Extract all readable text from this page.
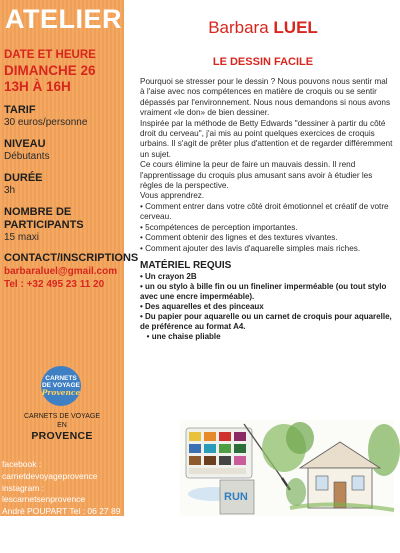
ATELIER
DATE ET HEURE
DIMANCHE 26
13H À 16H
TARIF
30 euros/personne
NIVEAU
Débutants
DURÉE
3h
NOMBRE DE
PARTICIPANTS
15 maxi
CONTACT/INSCRIPTIONS
barbaraluel@gmail.com
Tel : +32 495 23 11 20
CARNETS
DE VOYAGE
Provence
CARNETS DE VOYAGE
EN
PROVENCE
facebook : carnetdevoyageprovence
instagram : lescarnetsenprovence
André POUPART Tel : 06 27 89 02 29
mail : carnetsenprovence@gmail.com
Barbara LUEL
LE DESSIN FACILE
Pourquoi se stresser pour le dessin ? Nous pouvons nous sentir mal à l'aise avec nos compétences en matière de croquis ou se sentir dépassés par l'environnement. Nous nous demandons si nous avons vraiment «le don» de bien dessiner.
Inspirée par la méthode de Betty Edwards "dessiner à partir du côté droit du cerveau", j'ai mis au point quelques exercices de croquis urbains. Il s'agit de prêter plus d'attention et de regarder différemment un sujet.
Ce cours élimine la peur de faire un mauvais dessin. Il rend l'apprentissage du croquis plus amusant sans avoir à étudier les règles de la perspective.
Vous apprendrez.
• Comment entrer dans votre côté droit émotionnel et créatif de votre cerveau.
• 5compétences de perception importantes.
• Comment obtenir des lignes et des textures vivantes.
• Comment ajouter des lavis d'aquarelle simples mais riches.
MATÉRIEL REQUIS
• Un crayon 2B
• un ou stylo à bille fin ou un fineliner imperméable (ou tout stylo avec une encre imperméable).
• Des aquarelles et des pinceaux
• Du papier pour aquarelle ou un carnet de croquis pour aquarelle, de préférence au format A4.
• une chaise pliable
RUN
